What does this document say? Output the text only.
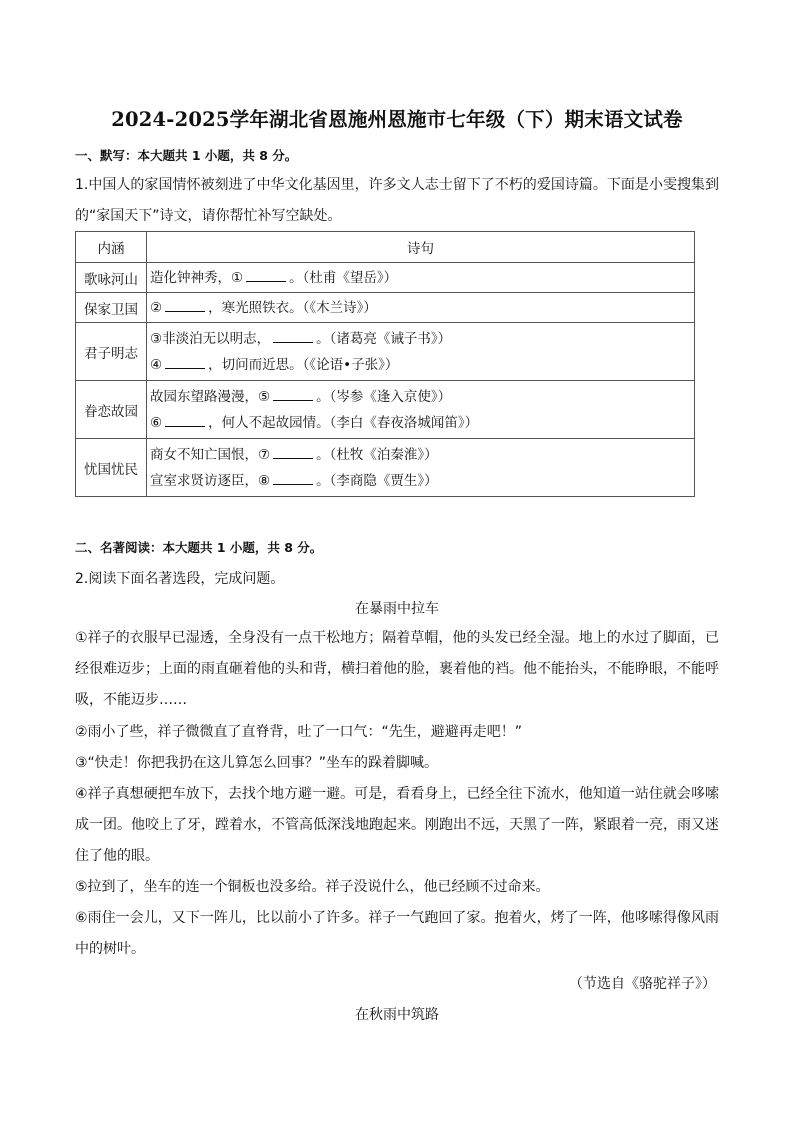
2024-2025学年湖北省恩施州恩施市七年级（下）期末语文试卷
一、默写：本大题共 1 小题，共 8 分。
1.中国人的家国情怀被刻进了中华文化基因里，许多文人志士留下了不朽的爱国诗篇。下面是小雯搜集到的“家国天下”诗文，请你帮忙补写空缺处。
内涵	诗句
歌咏河山	造化钟神秀，① 。（杜甫《望岳》）
保家卫国	② ，寒光照铁衣。（《木兰诗》）
君子明志	③非淡泊无以明志， 。（诸葛亮《诫子书》）
④ ，切问而近思。（《论语•子张》）

眷恋故园	故园东望路漫漫，⑤ 。（岑参《逢入京使》）
⑥ ，何人不起故园情。（李白《春夜洛城闻笛》）

忧国忧民	商女不知亡国恨，⑦ 。（杜牧《泊秦淮》）
宣室求贤访逐臣，⑧ 。（李商隐《贾生》）
二、名著阅读：本大题共 1 小题，共 8 分。
2.阅读下面名著选段，完成问题。
在暴雨中拉车
①祥子的衣服早已湿透，全身没有一点干松地方；隔着草帽，他的头发已经全湿。地上的水过了脚面，已经很难迈步；上面的雨直砸着他的头和背，横扫着他的脸，裹着他的裆。他不能抬头，不能睁眼，不能呼吸，不能迈步……
②雨小了些，祥子微微直了直脊背，吐了一口气：“先生，避避再走吧！”
③“快走！你把我扔在这儿算怎么回事？”坐车的跺着脚喊。
④祥子真想硬把车放下，去找个地方避一避。可是，看看身上，已经全往下流水，他知道一站住就会哆嗦成一团。他咬上了牙，蹚着水，不管高低深浅地跑起来。刚跑出不远，天黑了一阵，紧跟着一亮，雨又迷住了他的眼。
⑤拉到了，坐车的连一个铜板也没多给。祥子没说什么，他已经顾不过命来。
⑥雨住一会儿，又下一阵儿，比以前小了许多。祥子一气跑回了家。抱着火，烤了一阵，他哆嗦得像风雨中的树叶。
（节选自《骆驼祥子》）
在秋雨中筑路
